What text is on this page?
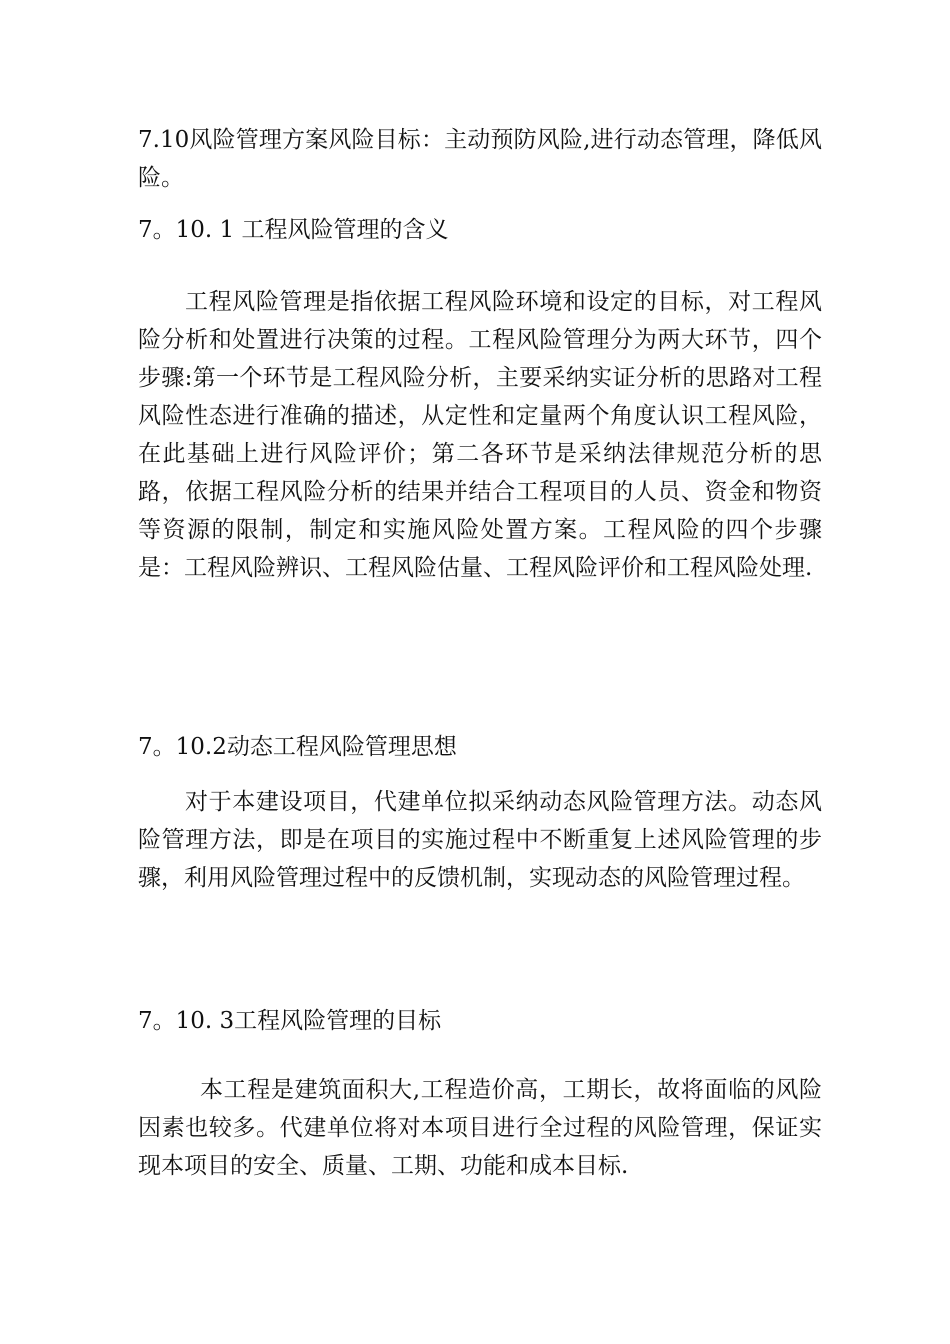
7.10风险管理方案风险目标：主动预防风险,进行动态管理，降低风险。

7。10. 1 工程风险管理的含义

工程风险管理是指依据工程风险环境和设定的目标，对工程风险分析和处置进行决策的过程。工程风险管理分为两大环节，四个步骤:第一个环节是工程风险分析，主要采纳实证分析的思路对工程风险性态进行准确的描述，从定性和定量两个角度认识工程风险，在此基础上进行风险评价；第二各环节是采纳法律规范分析的思路，依据工程风险分析的结果并结合工程项目的人员、资金和物资等资源的限制，制定和实施风险处置方案。工程风险的四个步骤是：工程风险辨识、工程风险估量、工程风险评价和工程风险处理.

7。10.2动态工程风险管理思想

对于本建设项目，代建单位拟采纳动态风险管理方法。动态风险管理方法，即是在项目的实施过程中不断重复上述风险管理的步骤，利用风险管理过程中的反馈机制，实现动态的风险管理过程。

7。10. 3工程风险管理的目标

本工程是建筑面积大,工程造价高，工期长，故将面临的风险因素也较多。代建单位将对本项目进行全过程的风险管理，保证实现本项目的安全、质量、工期、功能和成本目标.
